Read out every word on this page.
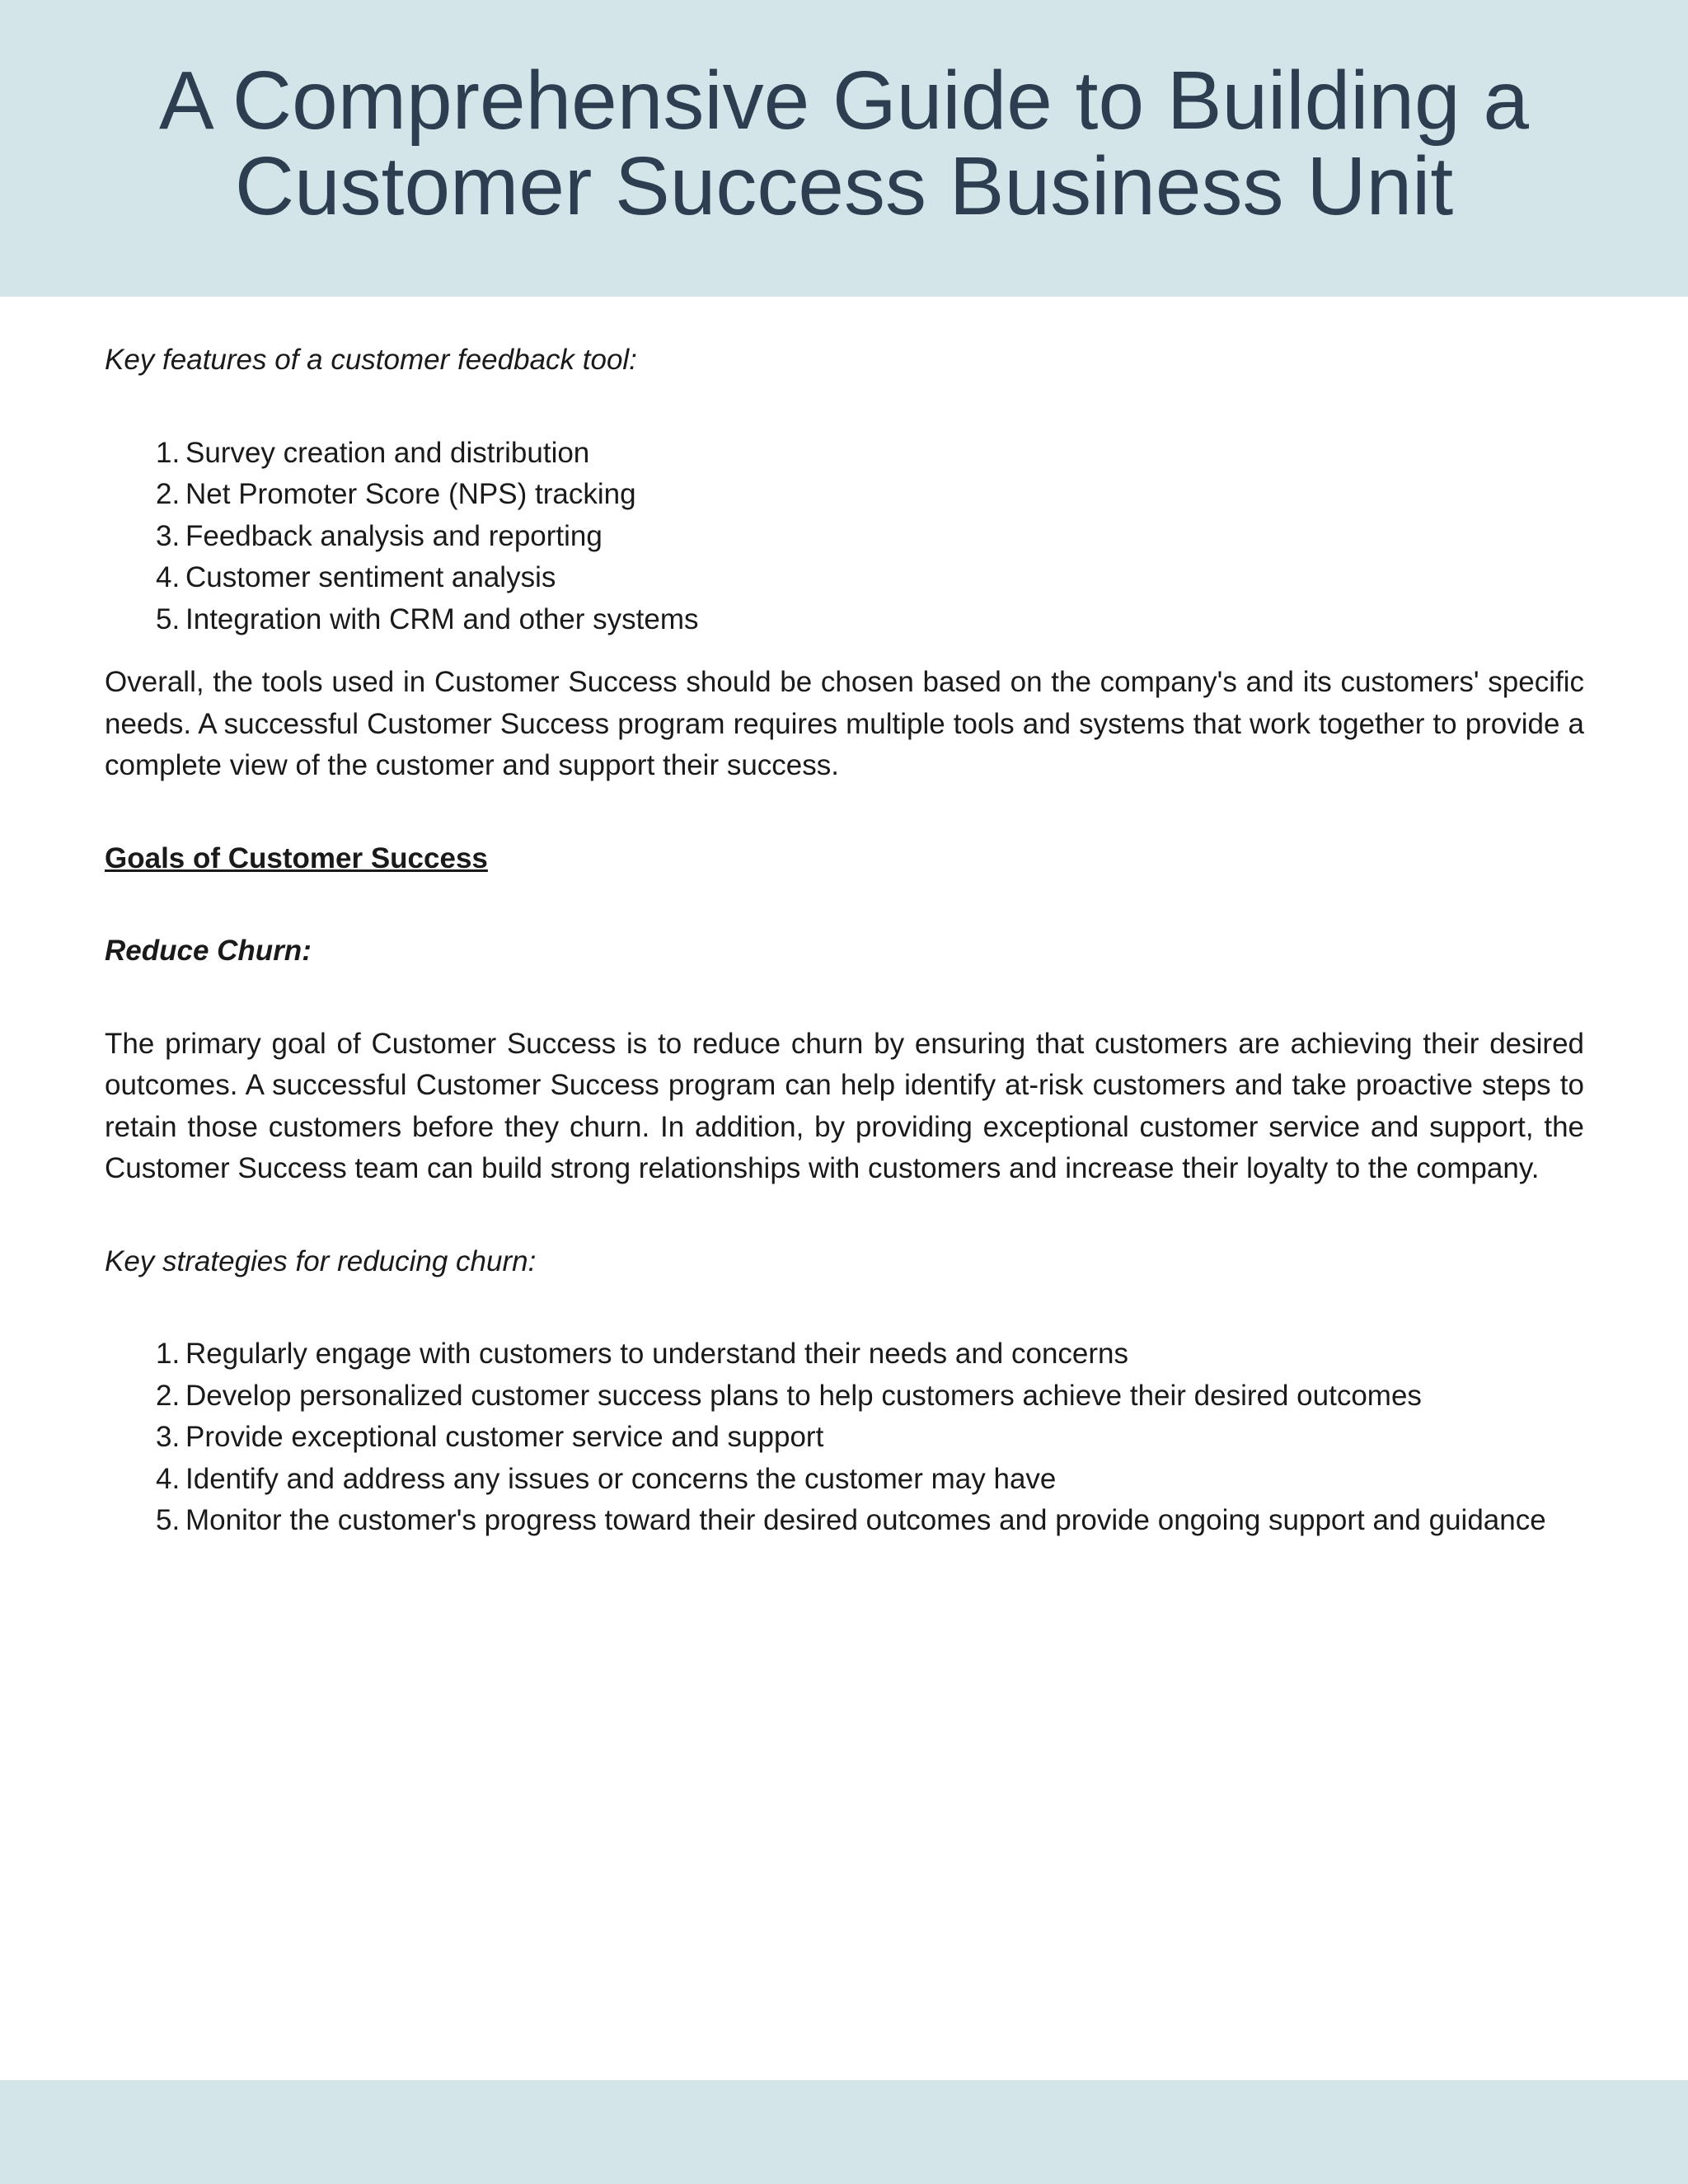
A Comprehensive Guide to Building a
Customer Success Business Unit

Key features of a customer feedback tool:

1. Survey creation and distribution
2. Net Promoter Score (NPS) tracking
3. Feedback analysis and reporting
4. Customer sentiment analysis
5. Integration with CRM and other systems

Overall, the tools used in Customer Success should be chosen based on the company's and its customers' specific needs. A successful Customer Success program requires multiple tools and systems that work together to provide a complete view of the customer and support their success.

Goals of Customer Success

Reduce Churn:

The primary goal of Customer Success is to reduce churn by ensuring that customers are achieving their desired outcomes. A successful Customer Success program can help identify at-risk customers and take proactive steps to retain those customers before they churn. In addition, by providing exceptional customer service and support, the Customer Success team can build strong relationships with customers and increase their loyalty to the company.

Key strategies for reducing churn:

1. Regularly engage with customers to understand their needs and concerns
2. Develop personalized customer success plans to help customers achieve their desired outcomes
3. Provide exceptional customer service and support
4. Identify and address any issues or concerns the customer may have
5. Monitor the customer's progress toward their desired outcomes and provide ongoing support and guidance
